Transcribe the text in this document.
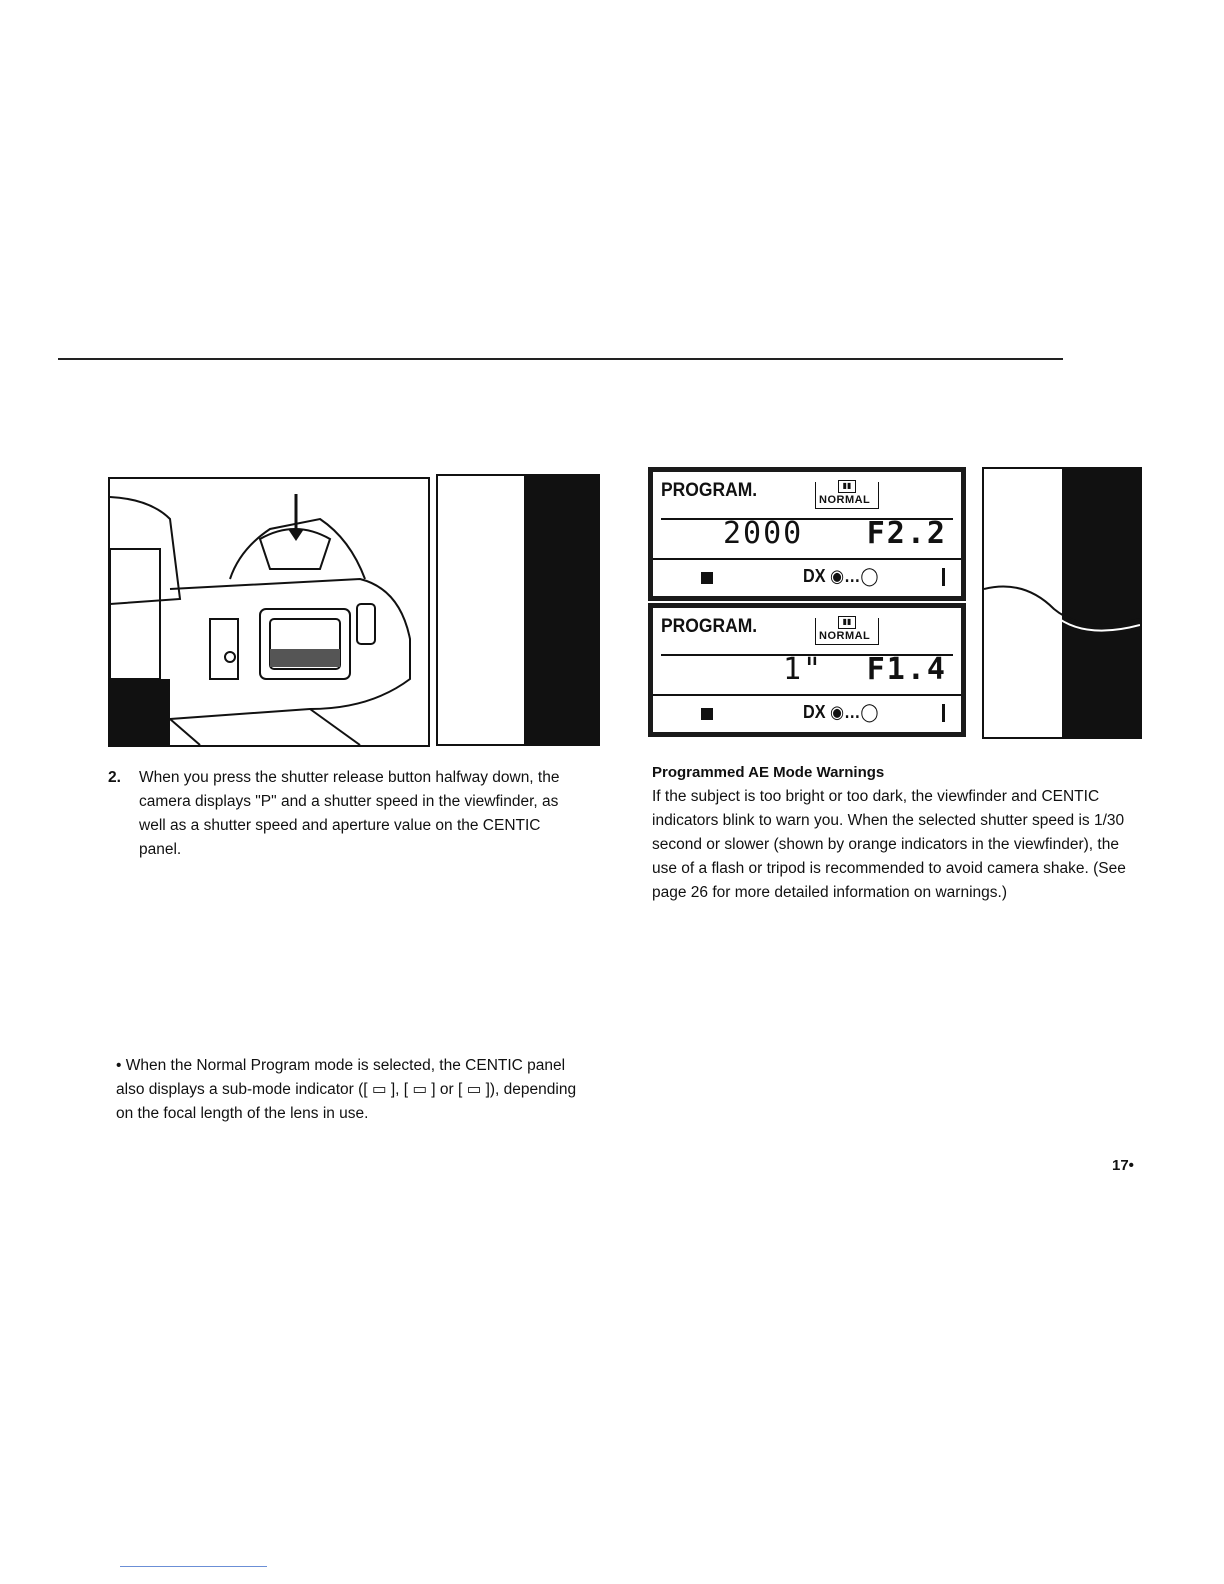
PROGRAM.	▮▮
NORMAL
2000 F2.2
DX ◉…◯
PROGRAM.	▮▮
NORMAL
1" F1.4
DX ◉…◯
2. When you press the shutter release button halfway down, the camera displays "P" and a shutter speed in the viewfinder, as well as a shutter speed and aperture value on the CENTIC panel.
Programmed AE Mode Warnings
If the subject is too bright or too dark, the viewfinder and CENTIC indicators blink to warn you. When the selected shutter speed is 1/30 second or slower (shown by orange indicators in the viewfinder), the use of a flash or tripod is recommended to avoid camera shake. (See page 26 for more detailed information on warnings.)
• When the Normal Program mode is selected, the CENTIC panel also displays a sub-mode indicator ([ ▭ ], [ ▭ ] or [ ▭ ]), depending on the focal length of the lens in use.
17•
